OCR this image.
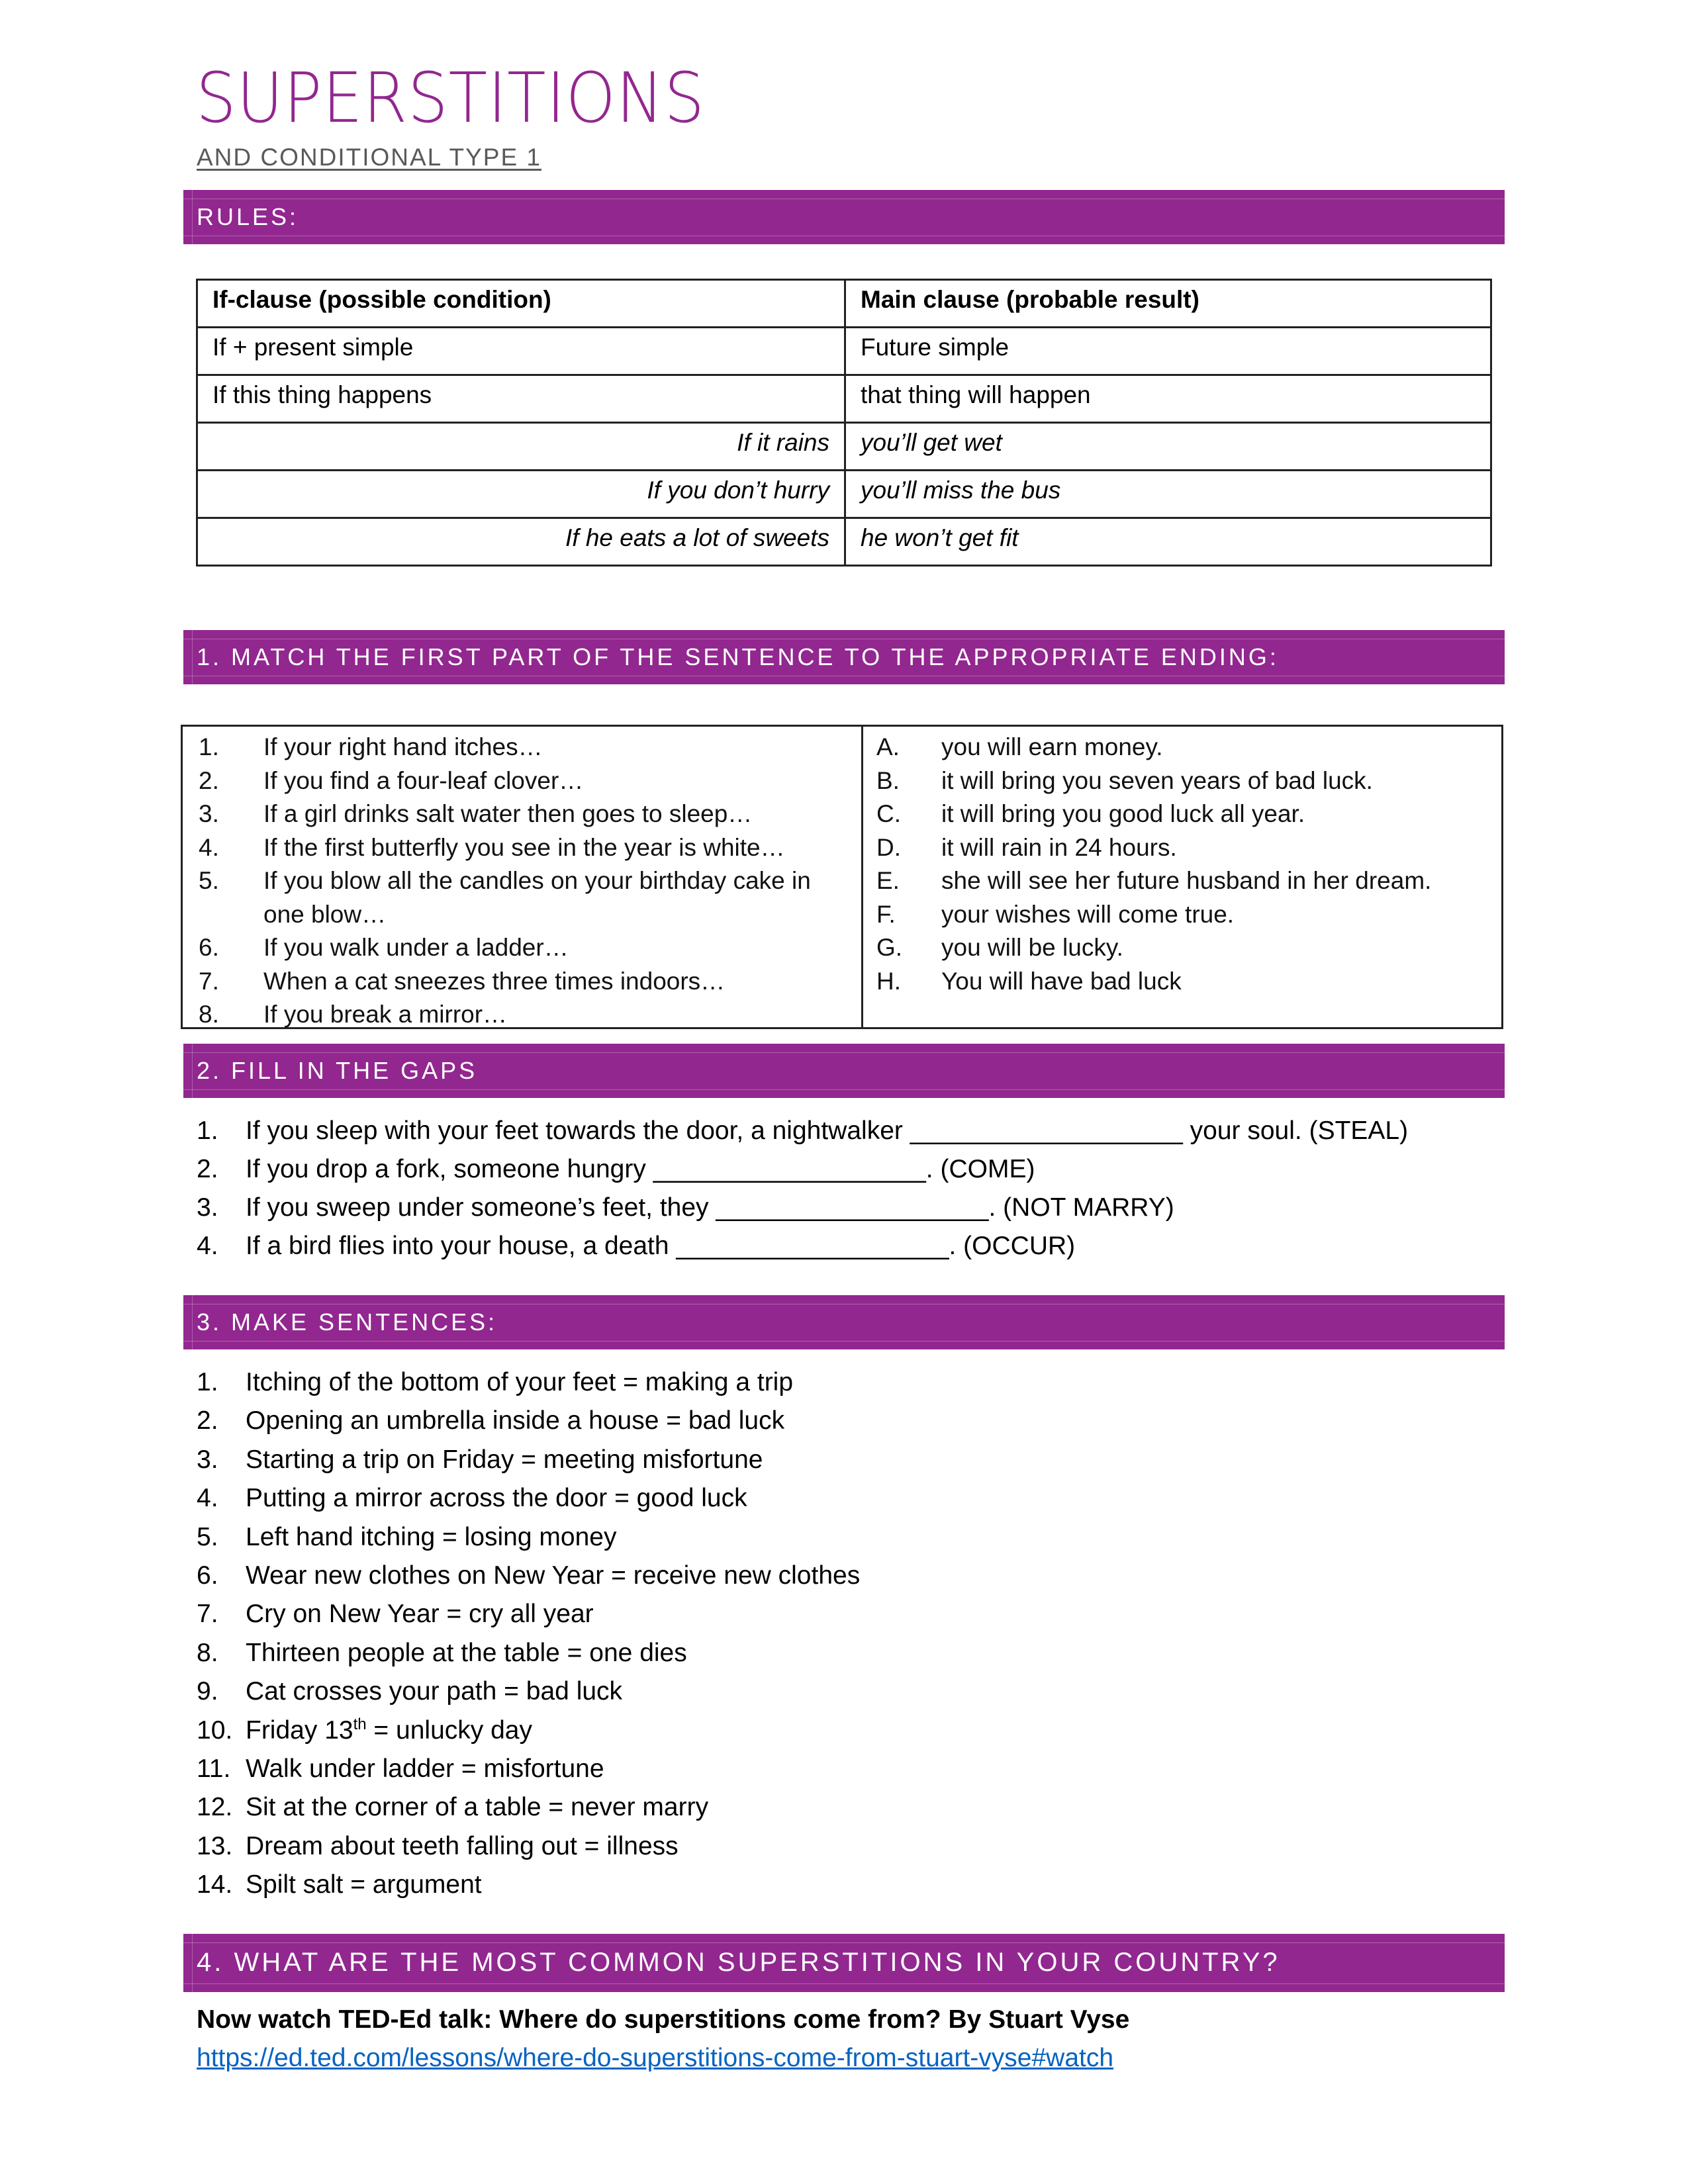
SUPERSTITIONS
AND CONDITIONAL TYPE 1
RULES:
If-clause (possible condition)	Main clause (probable result)
If + present simple	Future simple
If this thing happens	that thing will happen
If it rains	you’ll get wet
If you don’t hurry	you’ll miss the bus
If he eats a lot of sweets	he won’t get fit
1. MATCH THE FIRST PART OF THE SENTENCE TO THE APPROPRIATE ENDING:
1. If your right hand itches…
2. If you find a four-leaf clover…
3. If a girl drinks salt water then goes to sleep…
4. If the first butterfly you see in the year is white…
5. If you blow all the candles on your birthday cake in one blow…
6. If you walk under a ladder…
7. When a cat sneezes three times indoors…
8. If you break a mirror…
A. you will earn money.
B. it will bring you seven years of bad luck.
C. it will bring you good luck all year.
D. it will rain in 24 hours.
E. she will see her future husband in her dream.
F. your wishes will come true.
G. you will be lucky.
H. You will have bad luck
2. FILL IN THE GAPS
1. If you sleep with your feet towards the door, a nightwalker ___________________ your soul. (STEAL)
2. If you drop a fork, someone hungry ___________________. (COME)
3. If you sweep under someone’s feet, they ___________________. (NOT MARRY)
4. If a bird flies into your house, a death ___________________. (OCCUR)
3. MAKE SENTENCES:
1. Itching of the bottom of your feet = making a trip
2. Opening an umbrella inside a house = bad luck
3. Starting a trip on Friday = meeting misfortune
4. Putting a mirror across the door = good luck
5. Left hand itching = losing money
6. Wear new clothes on New Year = receive new clothes
7. Cry on New Year = cry all year
8. Thirteen people at the table = one dies
9. Cat crosses your path = bad luck
10. Friday 13th = unlucky day
11. Walk under ladder = misfortune
12. Sit at the corner of a table = never marry
13. Dream about teeth falling out = illness
14. Spilt salt = argument
4. WHAT ARE THE MOST COMMON SUPERSTITIONS IN YOUR COUNTRY?
Now watch TED-Ed talk: Where do superstitions come from? By Stuart Vyse
https://ed.ted.com/lessons/where-do-superstitions-come-from-stuart-vyse#watch
